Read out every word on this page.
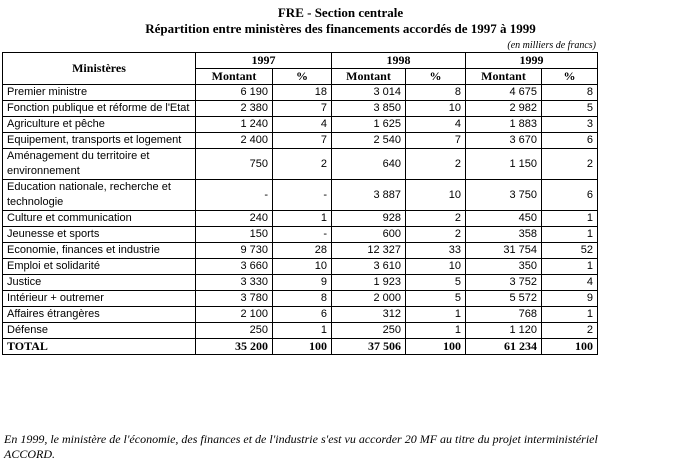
FRE - Section centrale
Répartition entre ministères des financements accordés de 1997 à 1999
(en milliers de francs)
Ministères	1997		1998		1999	
	Montant	%	Montant	%	Montant	%
Premier ministre	6 190	18	3 014	8	4 675	8
Fonction publique et réforme de l'Etat	2 380	7	3 850	10	2 982	5
Agriculture et pêche	1 240	4	1 625	4	1 883	3
Equipement, transports et logement	2 400	7	2 540	7	3 670	6
Aménagement du territoire et environnement	750	2	640	2	1 150	2
Education nationale, recherche et technologie	-	-	3 887	10	3 750	6
Culture et communication	240	1	928	2	450	1
Jeunesse et sports	150	-	600	2	358	1
Economie, finances et industrie	9 730	28	12 327	33	31 754	52
Emploi et solidarité	3 660	10	3 610	10	350	1
Justice	3 330	9	1 923	5	3 752	4
Intérieur + outremer	3 780	8	2 000	5	5 572	9
Affaires étrangères	2 100	6	312	1	768	1
Défense	250	1	250	1	1 120	2
TOTAL	35 200	100	37 506	100	61 234	100
En 1999, le ministère de l'économie, des finances et de l'industrie s'est vu accorder 20 MF au titre du projet interministériel ACCORD.
